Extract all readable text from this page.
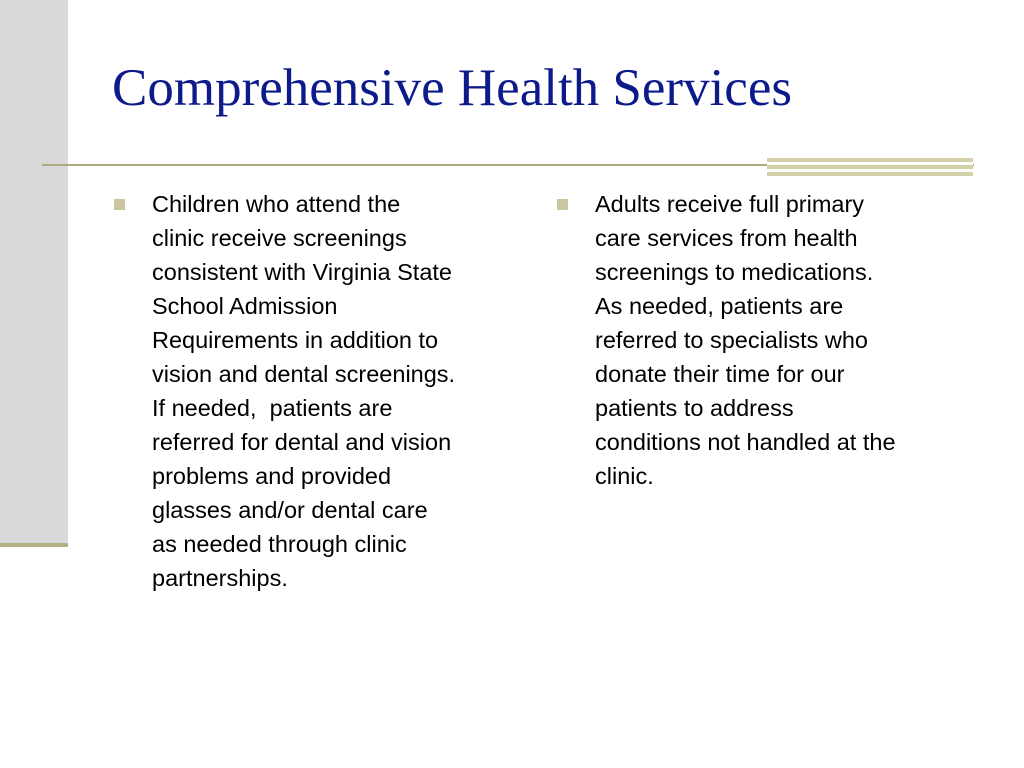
Comprehensive Health Services
Children who attend the
clinic receive screenings
consistent with Virginia State
School Admission
Requirements in addition to
vision and dental screenings.
If needed,  patients are
referred for dental and vision
problems and provided
glasses and/or dental care
as needed through clinic
partnerships.
Adults receive full primary
care services from health
screenings to medications.
As needed, patients are
referred to specialists who
donate their time for our
patients to address
conditions not handled at the
clinic.
